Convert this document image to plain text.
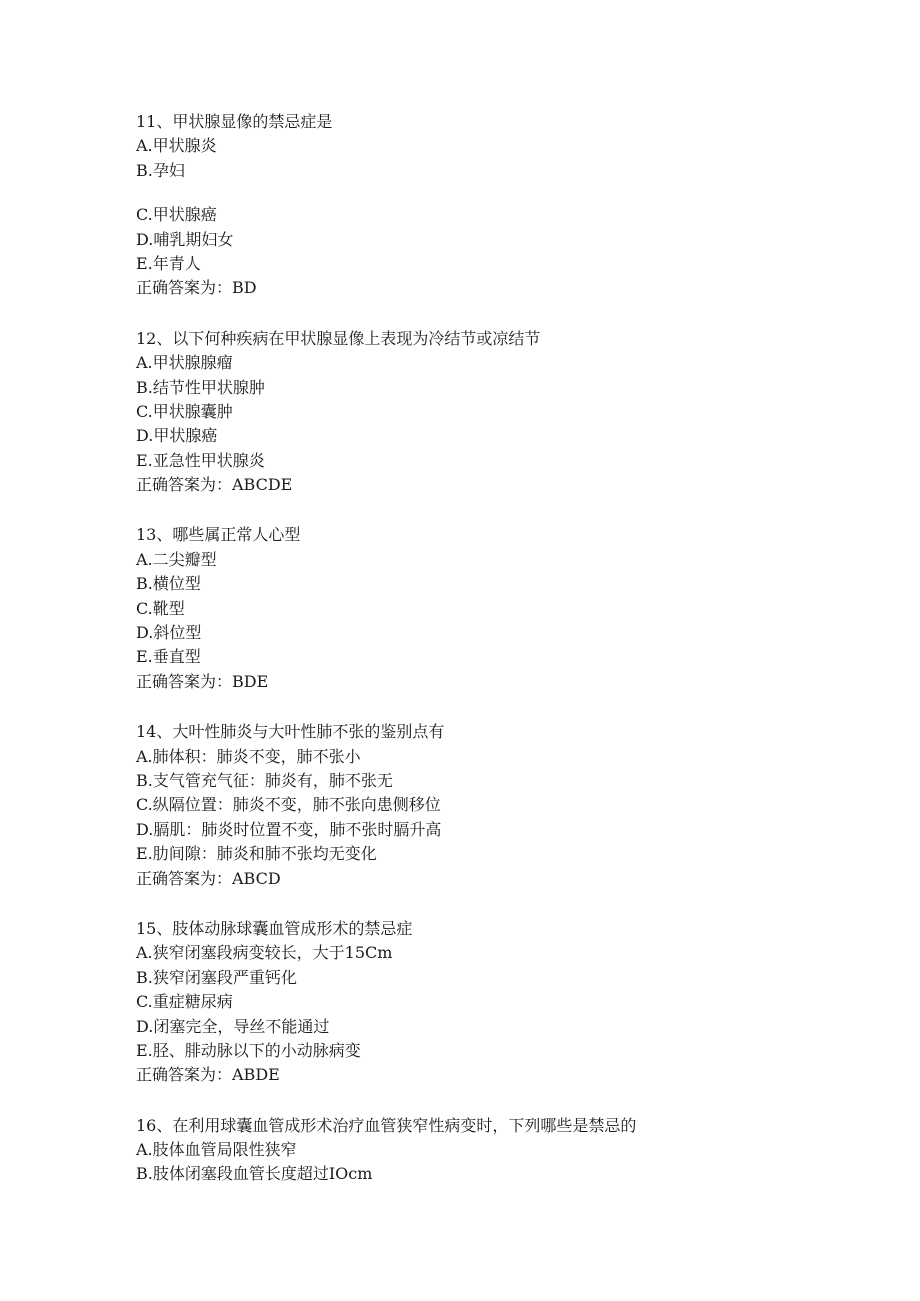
11、甲状腺显像的禁忌症是
A.甲状腺炎
B.孕妇
C.甲状腺癌
D.哺乳期妇女
E.年青人
正确答案为：BD
12、以下何种疾病在甲状腺显像上表现为冷结节或凉结节
A.甲状腺腺瘤
B.结节性甲状腺肿
C.甲状腺囊肿
D.甲状腺癌
E.亚急性甲状腺炎
正确答案为：ABCDE
13、哪些属正常人心型
A.二尖瓣型
B.横位型
C.靴型
D.斜位型
E.垂直型
正确答案为：BDE
14、大叶性肺炎与大叶性肺不张的鉴别点有
A.肺体积：肺炎不变，肺不张小
B.支气管充气征：肺炎有，肺不张无
C.纵隔位置：肺炎不变，肺不张向患侧移位
D.膈肌：肺炎时位置不变，肺不张时膈升高
E.肋间隙：肺炎和肺不张均无变化
正确答案为：ABCD
15、肢体动脉球囊血管成形术的禁忌症
A.狭窄闭塞段病变较长，大于15Cm
B.狭窄闭塞段严重钙化
C.重症糖尿病
D.闭塞完全，导丝不能通过
E.胫、腓动脉以下的小动脉病变
正确答案为：ABDE
16、在利用球囊血管成形术治疗血管狭窄性病变时，下列哪些是禁忌的
A.肢体血管局限性狭窄
B.肢体闭塞段血管长度超过IOcm
